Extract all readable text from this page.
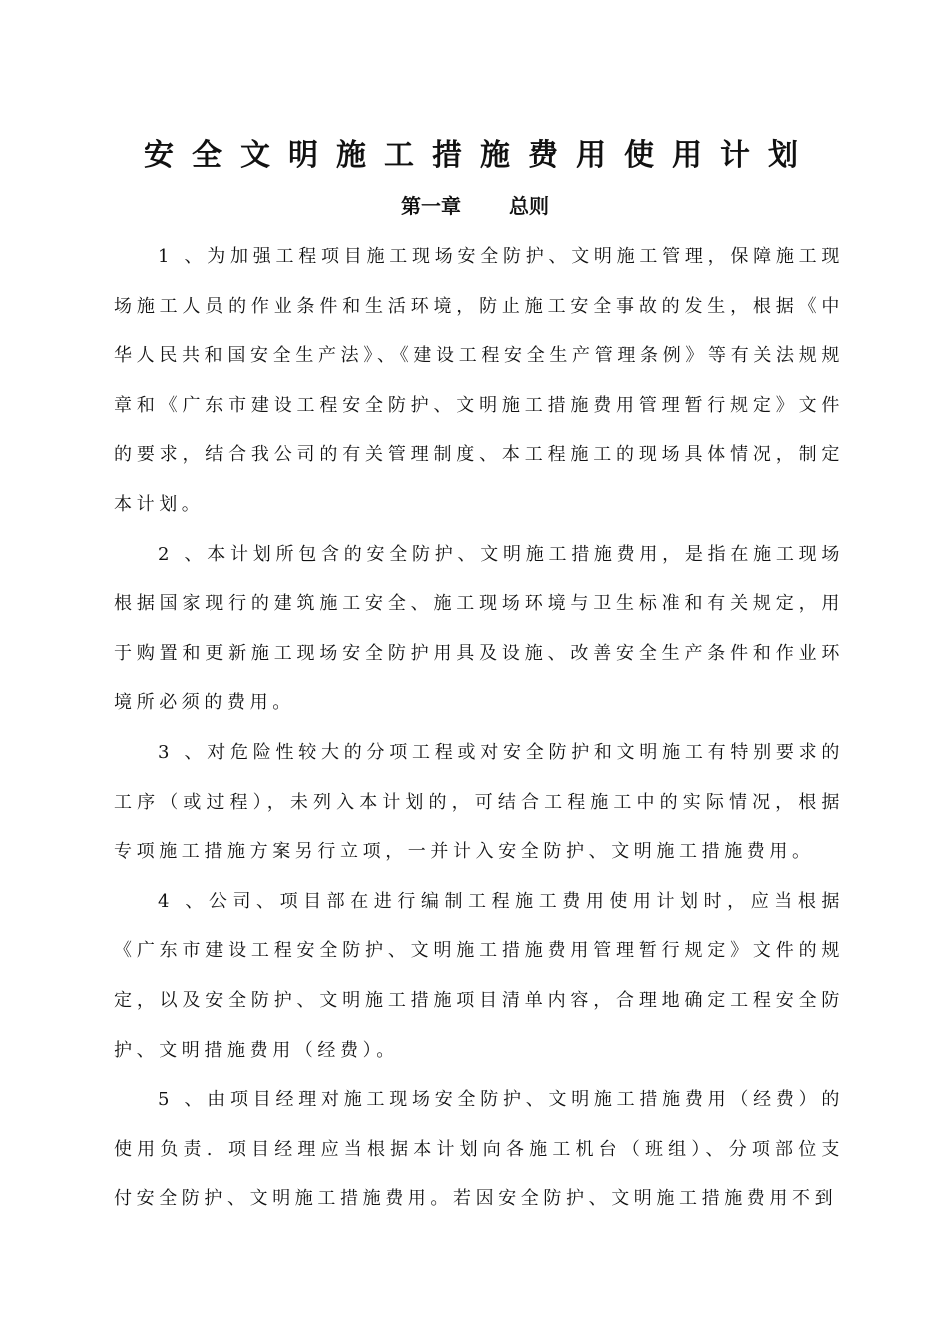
安全文明施工措施费用使用计划
第一章 总则

1 、为加强工程项目施工现场安全防护、文明施工管理，保障施工现场施工人员的作业条件和生活环境，防止施工安全事故的发生，根据《中华人民共和国安全生产法》、《建设工程安全生产管理条例》等有关法规规章和《广东市建设工程安全防护、文明施工措施费用管理暂行规定》文件的要求，结合我公司的有关管理制度、本工程施工的现场具体情况，制定本计划。

2 、本计划所包含的安全防护、文明施工措施费用，是指在施工现场根据国家现行的建筑施工安全、施工现场环境与卫生标准和有关规定，用于购置和更新施工现场安全防护用具及设施、改善安全生产条件和作业环境所必须的费用。

3 、对危险性较大的分项工程或对安全防护和文明施工有特别要求的工序（或过程），未列入本计划的，可结合工程施工中的实际情况，根据专项施工措施方案另行立项，一并计入安全防护、文明施工措施费用。

4 、公司、项目部在进行编制工程施工费用使用计划时，应当根据《广东市建设工程安全防护、文明施工措施费用管理暂行规定》文件的规定，以及安全防护、文明施工措施项目清单内容，合理地确定工程安全防护、文明措施费用（经费）。

5 、由项目经理对施工现场安全防护、文明施工措施费用（经费）的使用负责. 项目经理应当根据本计划向各施工机台（班组）、分项部位支付安全防护、文明施工措施费用。若因安全防护、文明施工措施费用不到
